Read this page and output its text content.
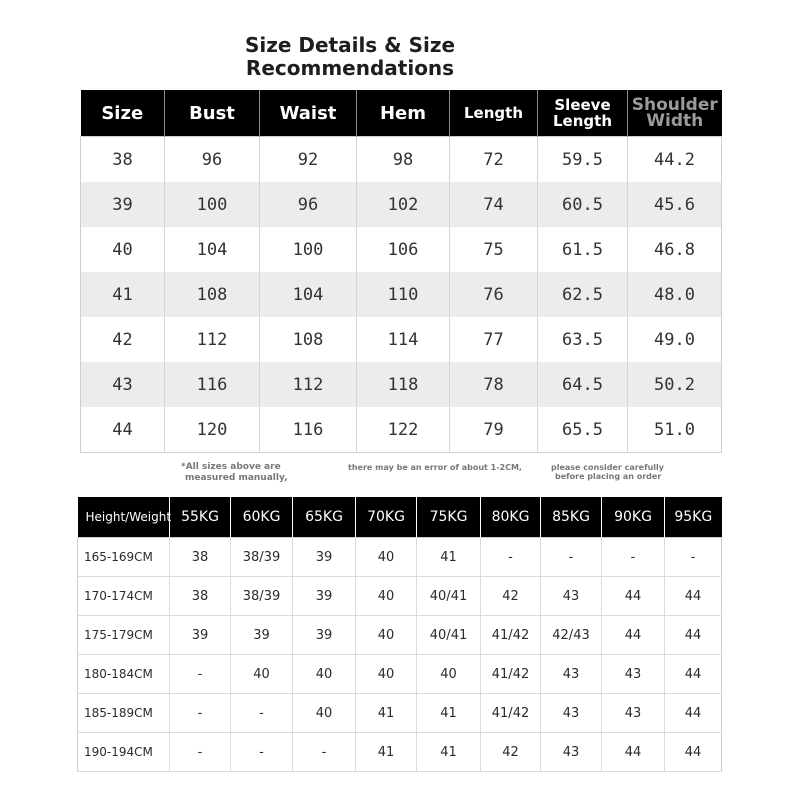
Size Details & Size
Recommendations
Size	Bust	Waist	Hem	Length	Sleeve Length	Shoulder Width
38	96	92	98	72	59.5	44.2
39	100	96	102	74	60.5	45.6
40	104	100	106	75	61.5	46.8
41	108	104	110	76	62.5	48.0
42	112	108	114	77	63.5	49.0
43	116	112	118	78	64.5	50.2
44	120	116	122	79	65.5	51.0
*All sizes above are
measured manually,
there may be an error of about 1-2CM,	please consider carefully
before placing an order
Height/Weight	55KG	60KG	65KG	70KG	75KG	80KG	85KG	90KG	95KG
165-169CM	38	38/39	39	40	41	-	-	-	-
170-174CM	38	38/39	39	40	40/41	42	43	44	44
175-179CM	39	39	39	40	40/41	41/42	42/43	44	44
180-184CM	-	40	40	40	40	41/42	43	43	44
185-189CM	-	-	40	41	41	41/42	43	43	44
190-194CM	-	-	-	41	41	42	43	44	44
